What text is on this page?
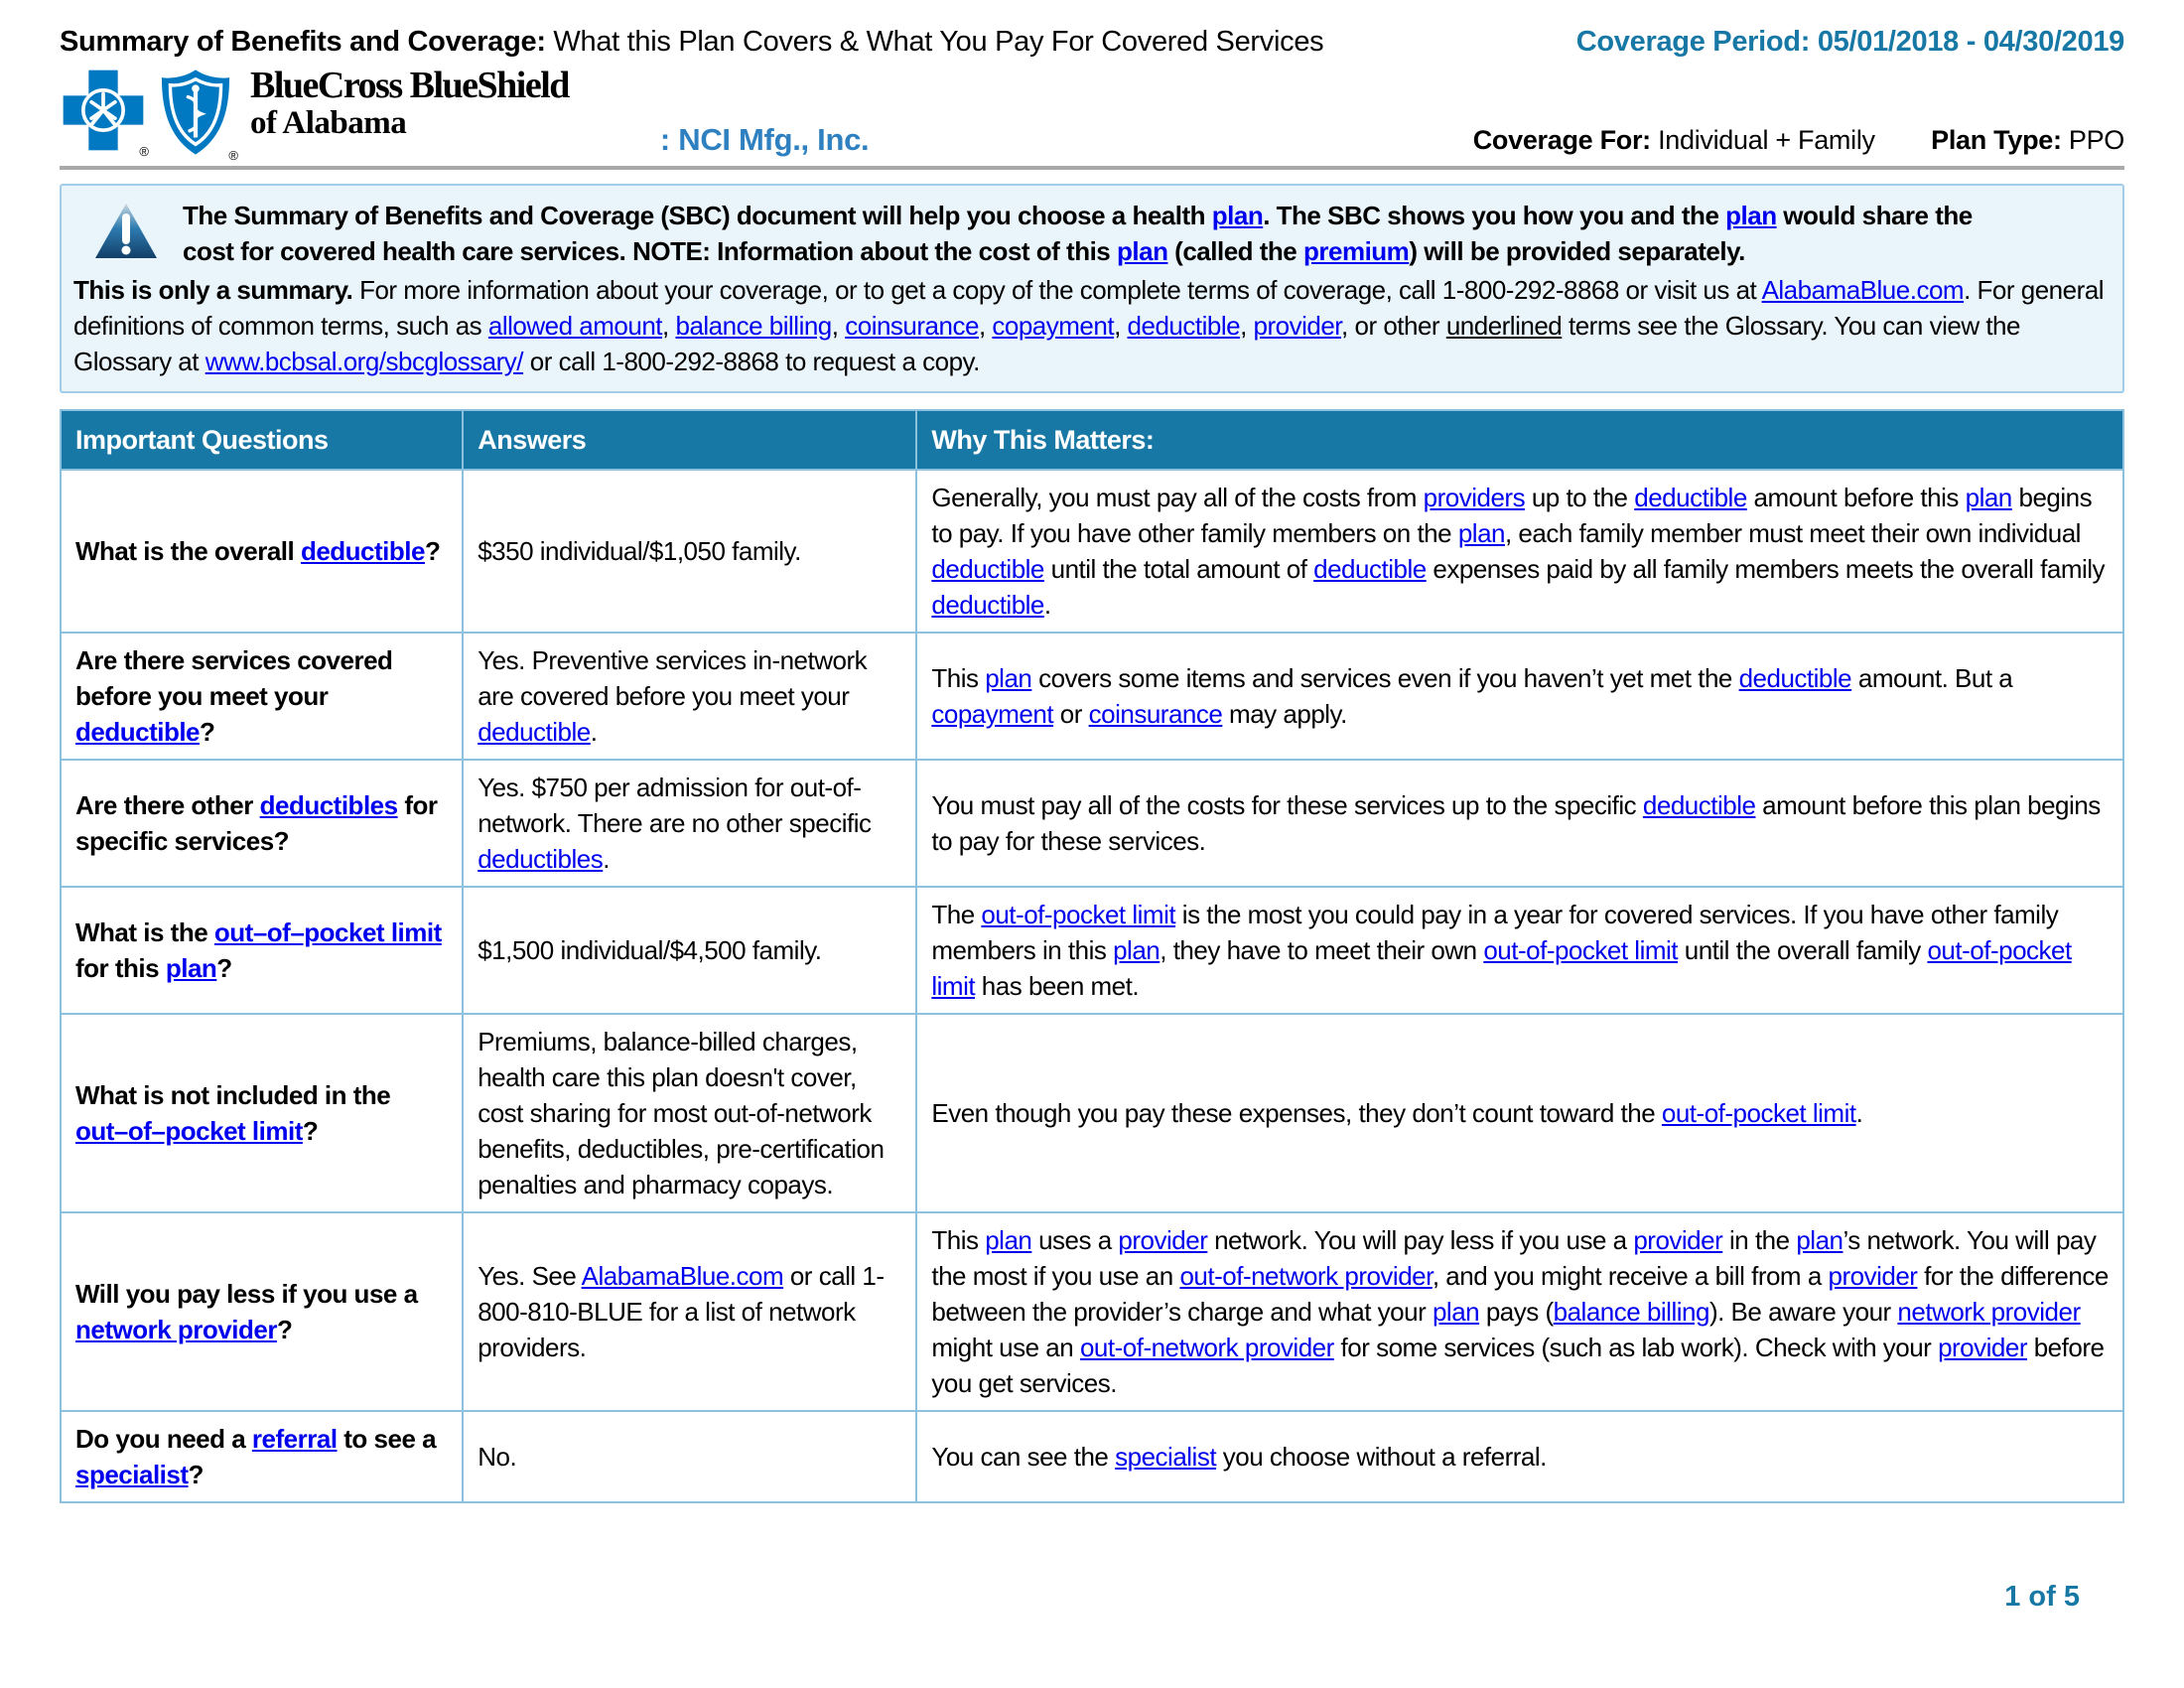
Summary of Benefits and Coverage: What this Plan Covers & What You Pay For Covered Services	Coverage Period: 05/01/2018 - 04/30/2019
®	®
BlueCross BlueShield
of Alabama	: NCI Mfg., Inc.	Coverage For: Individual + Family Plan Type: PPO
The Summary of Benefits and Coverage (SBC) document will help you choose a health plan. The SBC shows you how you and the plan would share the cost for covered health care services. NOTE: Information about the cost of this plan (called the premium) will be provided separately.
This is only a summary. For more information about your coverage, or to get a copy of the complete terms of coverage, call 1-800-292-8868 or visit us at AlabamaBlue.com. For general definitions of common terms, such as allowed amount, balance billing, coinsurance, copayment, deductible, provider, or other underlined terms see the Glossary. You can view the Glossary at www.bcbsal.org/sbcglossary/ or call 1-800-292-8868 to request a copy.
Important Questions	Answers	Why This Matters:
What is the overall deductible?	$350 individual/$1,050 family.	Generally, you must pay all of the costs from providers up to the deductible amount before this plan begins to pay. If you have other family members on the plan, each family member must meet their own individual deductible until the total amount of deductible expenses paid by all family members meets the overall family deductible.
Are there services covered before you meet your deductible?	Yes. Preventive services in-network are covered before you meet your deductible.	This plan covers some items and services even if you haven’t yet met the deductible amount. But a copayment or coinsurance may apply.
Are there other deductibles for specific services?	Yes. $750 per admission for out-of-network. There are no other specific deductibles.	You must pay all of the costs for these services up to the specific deductible amount before this plan begins to pay for these services.
What is the out–of–pocket limit for this plan?	$1,500 individual/$4,500 family.	The out-of-pocket limit is the most you could pay in a year for covered services. If you have other family members in this plan, they have to meet their own out-of-pocket limit until the overall family out-of-pocket limit has been met.
What is not included in the out–of–pocket limit?	Premiums, balance-billed charges, health care this plan doesn't cover, cost sharing for most out-of-network benefits, deductibles, pre-certification penalties and pharmacy copays.	Even though you pay these expenses, they don’t count toward the out-of-pocket limit.
Will you pay less if you use a network provider?	Yes. See AlabamaBlue.com or call 1-800-810-BLUE for a list of network providers.	This plan uses a provider network. You will pay less if you use a provider in the plan’s network. You will pay the most if you use an out-of-network provider, and you might receive a bill from a provider for the difference between the provider’s charge and what your plan pays (balance billing). Be aware your network provider might use an out-of-network provider for some services (such as lab work). Check with your provider before you get services.
Do you need a referral to see a specialist?	No.	You can see the specialist you choose without a referral.
1 of 5
